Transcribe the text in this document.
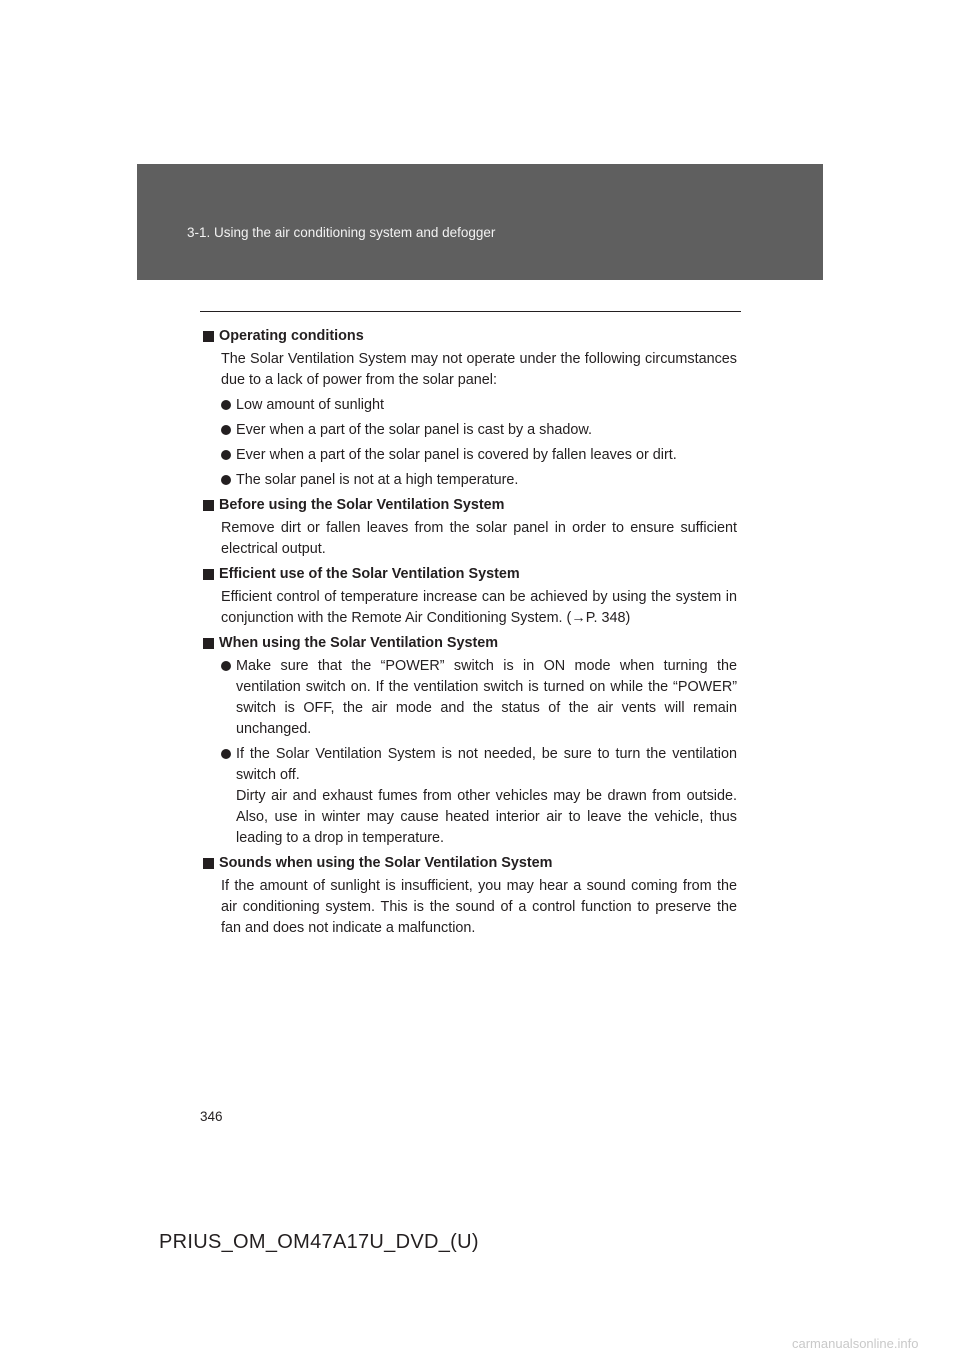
3-1. Using the air conditioning system and defogger
Operating conditions

The Solar Ventilation System may not operate under the following circumstances due to a lack of power from the solar panel:

Low amount of sunlight
Ever when a part of the solar panel is cast by a shadow.
Ever when a part of the solar panel is covered by fallen leaves or dirt.
The solar panel is not at a high temperature.
Before using the Solar Ventilation System

Remove dirt or fallen leaves from the solar panel in order to ensure sufficient electrical output.

Efficient use of the Solar Ventilation System

Efficient control of temperature increase can be achieved by using the system in conjunction with the Remote Air Conditioning System. (→P. 348)

When using the Solar Ventilation System
Make sure that the “POWER” switch is in ON mode when turning the ventilation switch on. If the ventilation switch is turned on while the “POWER” switch is OFF, the air mode and the status of the air vents will remain unchanged.
If the Solar Ventilation System is not needed, be sure to turn the ventilation switch off.
Dirty air and exhaust fumes from other vehicles may be drawn from outside. Also, use in winter may cause heated interior air to leave the vehicle, thus leading to a drop in temperature.
Sounds when using the Solar Ventilation System

If the amount of sunlight is insufficient, you may hear a sound coming from the air conditioning system. This is the sound of a control function to preserve the fan and does not indicate a malfunction.

346
PRIUS_OM_OM47A17U_DVD_(U)
carmanualsonline.info
